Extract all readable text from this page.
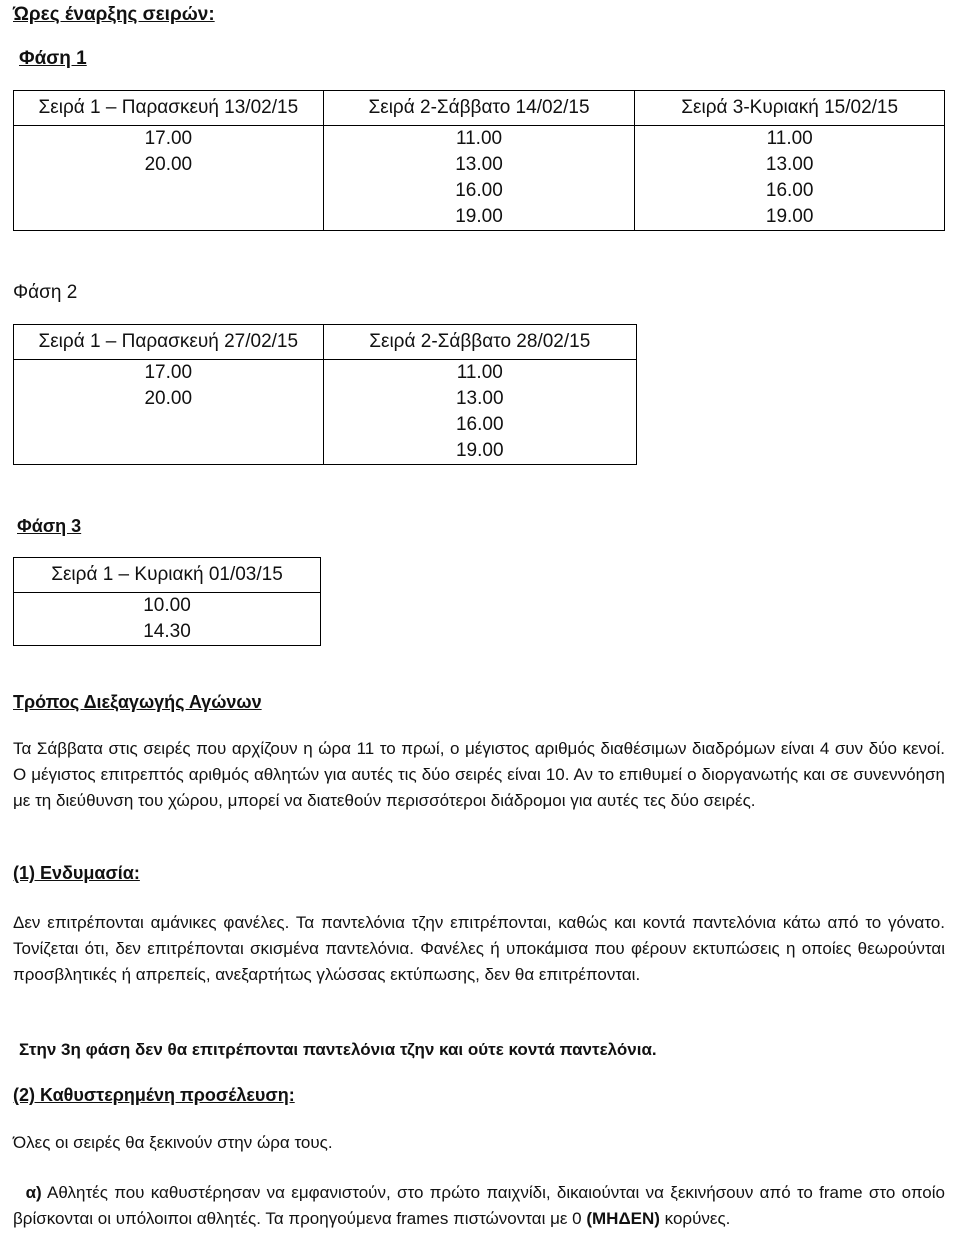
Ώρες έναρξης σειρών:
Φάση 1
Σειρά 1 – Παρασκευή 13/02/15	Σειρά 2-Σάββατο 14/02/15	Σειρά 3-Κυριακή 15/02/15
17.00	11.00	11.00
20.00	13.00	13.00
	16.00	16.00
	19.00	19.00
Φάση 2
Σειρά 1 – Παρασκευή 27/02/15	Σειρά 2-Σάββατο 28/02/15
17.00	11.00
20.00	13.00
	16.00
	19.00
Φάση 3
Σειρά 1 – Κυριακή 01/03/15
10.00
14.30
Τρόπος Διεξαγωγής Αγώνων
Τα Σάββατα στις σειρές που αρχίζουν η ώρα 11 το πρωί, ο μέγιστος αριθμός διαθέσιμων διαδρόμων είναι 4 συν δύο κενοί. Ο μέγιστος επιτρεπτός αριθμός αθλητών για αυτές τις δύο σειρές είναι 10. Αν το επιθυμεί ο διοργανωτής και σε συνεννόηση με τη διεύθυνση του χώρου, μπορεί να διατεθούν περισσότεροι διάδρομοι για αυτές τες δύο σειρές.
(1) Ενδυμασία:
Δεν επιτρέπονται αμάνικες φανέλες. Τα παντελόνια τζην επιτρέπονται, καθώς και κοντά παντελόνια κάτω από το γόνατο. Τονίζεται ότι, δεν επιτρέπονται σκισμένα παντελόνια. Φανέλες ή υποκάμισα που φέρουν εκτυπώσεις η οποίες θεωρούνται προσβλητικές ή απρεπείς, ανεξαρτήτως γλώσσας εκτύπωσης, δεν θα επιτρέπονται.
Στην 3η φάση δεν θα επιτρέπονται παντελόνια τζην και ούτε κοντά παντελόνια.
(2) Καθυστερημένη προσέλευση:
Όλες οι σειρές θα ξεκινούν στην ώρα τους.
α) Αθλητές που καθυστέρησαν να εμφανιστούν, στο πρώτο παιχνίδι, δικαιούνται να ξεκινήσουν από το frame στο οποίο βρίσκονται οι υπόλοιποι αθλητές. Τα προηγούμενα frames πιστώνονται με 0 (ΜΗΔΕΝ) κορύνες.
